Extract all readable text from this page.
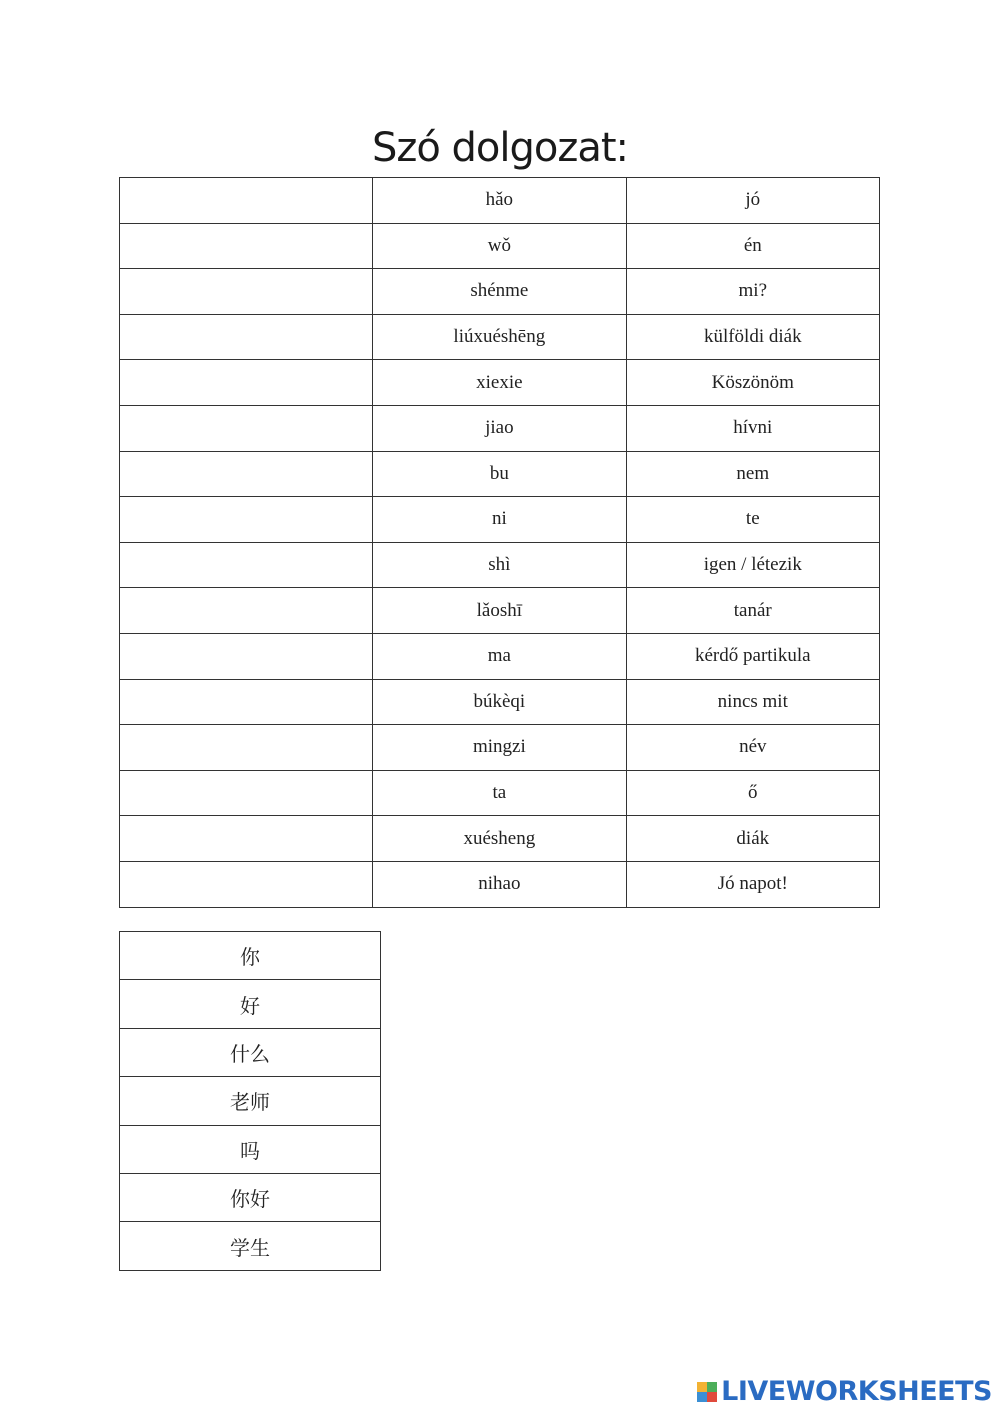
Szó dolgozat:
	hǎo	jó
	wǒ	én
	shénme	mi?
	liúxuéshēng	külföldi diák
	xiexie	Köszönöm
	jiao	hívni
	bu	nem
	ni	te
	shì	igen / létezik
	lǎoshī	tanár
	ma	kérdő partikula
	búkèqi	nincs mit
	mingzi	név
	ta	ő
	xuésheng	diák
	nihao	Jó napot!
你
好
什么
老师
吗
你好
学生
LIVEWORKSHEETS
